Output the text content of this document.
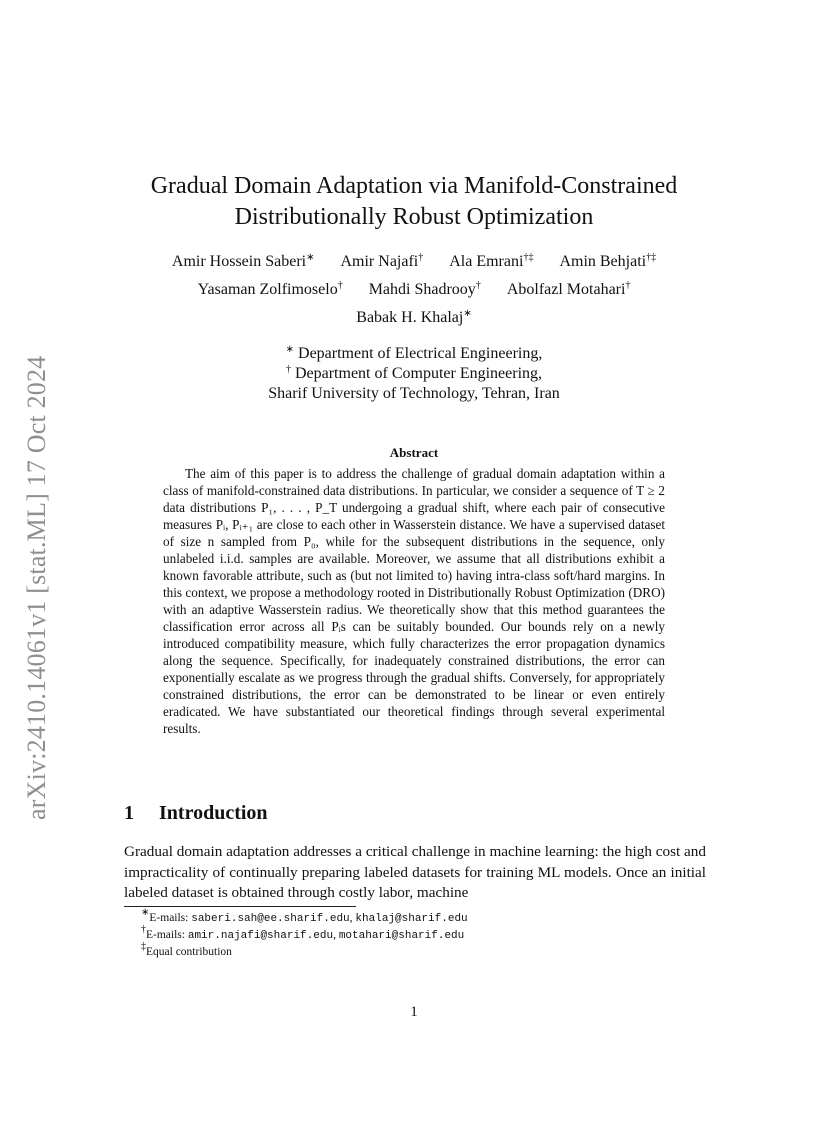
arXiv:2410.14061v1 [stat.ML] 17 Oct 2024
Gradual Domain Adaptation via Manifold-Constrained
Distributionally Robust Optimization
Amir Hossein Saberi∗ Amir Najafi† Ala Emrani†‡ Amin Behjati†‡
Yasaman Zolfimoselo† Mahdi Shadrooy† Abolfazl Motahari†
Babak H. Khalaj∗
∗ Department of Electrical Engineering,
† Department of Computer Engineering,
Sharif University of Technology, Tehran, Iran
Abstract
The aim of this paper is to address the challenge of gradual domain adaptation within a class of manifold-constrained data distributions. In particular, we consider a sequence of T ≥ 2 data distributions P₁, . . . , P_T undergoing a gradual shift, where each pair of consecutive measures Pᵢ, Pᵢ₊₁ are close to each other in Wasserstein distance. We have a supervised dataset of size n sampled from P₀, while for the subsequent distributions in the sequence, only unlabeled i.i.d. samples are available. Moreover, we assume that all distributions exhibit a known favorable attribute, such as (but not limited to) having intra-class soft/hard margins. In this context, we propose a methodology rooted in Distributionally Robust Optimization (DRO) with an adaptive Wasserstein radius. We theoretically show that this method guarantees the classification error across all Pᵢs can be suitably bounded. Our bounds rely on a newly introduced compatibility measure, which fully characterizes the error propagation dynamics along the sequence. Specifically, for inadequately constrained distributions, the error can exponentially escalate as we progress through the gradual shifts. Conversely, for appropriately constrained distributions, the error can be demonstrated to be linear or even entirely eradicated. We have substantiated our theoretical findings through several experimental results.
1 Introduction
Gradual domain adaptation addresses a critical challenge in machine learning: the high cost and impracticality of continually preparing labeled datasets for training ML models. Once an initial labeled dataset is obtained through costly labor, machine
∗E-mails: saberi.sah@ee.sharif.edu, khalaj@sharif.edu
†E-mails: amir.najafi@sharif.edu, motahari@sharif.edu
‡Equal contribution
1
